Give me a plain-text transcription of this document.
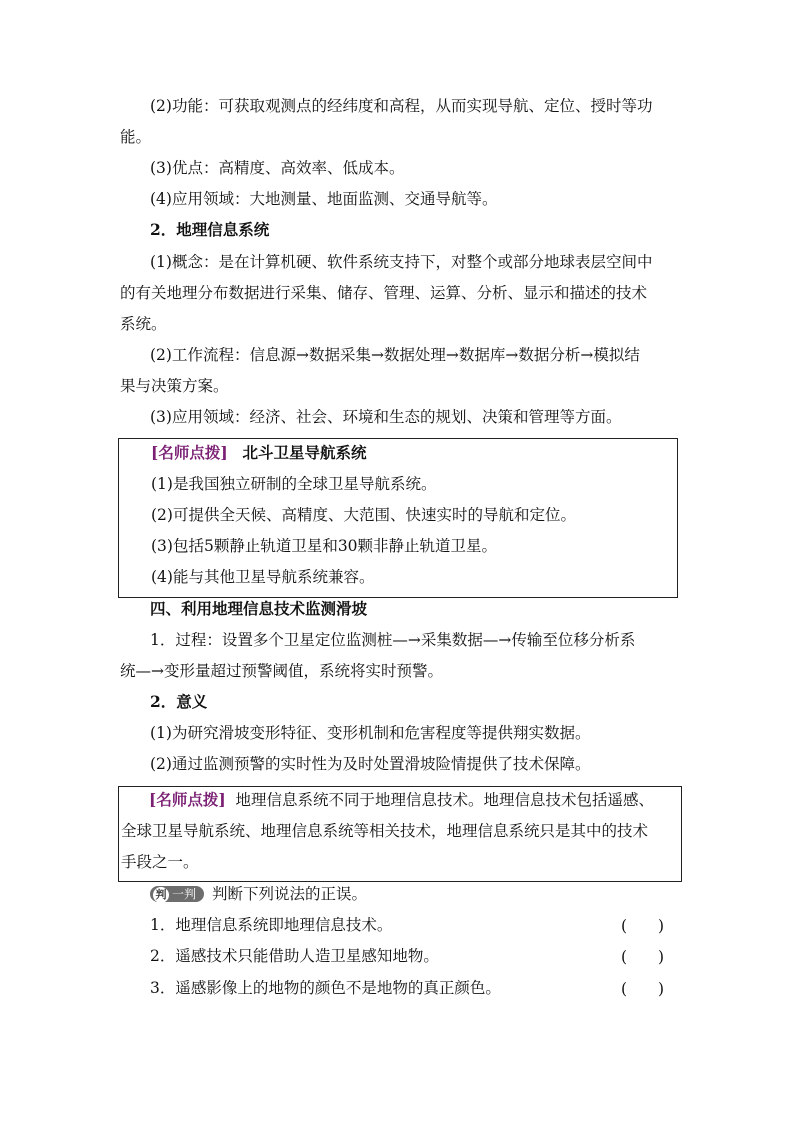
(2)功能：可获取观测点的经纬度和高程，从而实现导航、定位、授时等功
能。
(3)优点：高精度、高效率、低成本。
(4)应用领域：大地测量、地面监测、交通导航等。
2．地理信息系统
(1)概念：是在计算机硬、软件系统支持下，对整个或部分地球表层空间中
的有关地理分布数据进行采集、储存、管理、运算、分析、显示和描述的技术
系统。
(2)工作流程：信息源→数据采集→数据处理→数据库→数据分析→模拟结
果与决策方案。
(3)应用领域：经济、社会、环境和生态的规划、决策和管理等方面。
[名师点拨] 北斗卫星导航系统
(1)是我国独立研制的全球卫星导航系统。
(2)可提供全天候、高精度、大范围、快速实时的导航和定位。
(3)包括5颗静止轨道卫星和30颗非静止轨道卫星。
(4)能与其他卫星导航系统兼容。
四、利用地理信息技术监测滑坡
1．过程：设置多个卫星定位监测桩—→采集数据—→传输至位移分析系
统—→变形量超过预警阈值，系统将实时预警。
2．意义
(1)为研究滑坡变形特征、变形机制和危害程度等提供翔实数据。
(2)通过监测预警的实时性为及时处置滑坡险情提供了技术保障。
[名师点拨] 地理信息系统不同于地理信息技术。地理信息技术包括遥感、
全球卫星导航系统、地理信息系统等相关技术，地理信息系统只是其中的技术
手段之一。
判 一判 判断下列说法的正误。
1．地理信息系统即地理信息技术。	(　　)
2．遥感技术只能借助人造卫星感知地物。	(　　)
3．遥感影像上的地物的颜色不是地物的真正颜色。	(　　)
